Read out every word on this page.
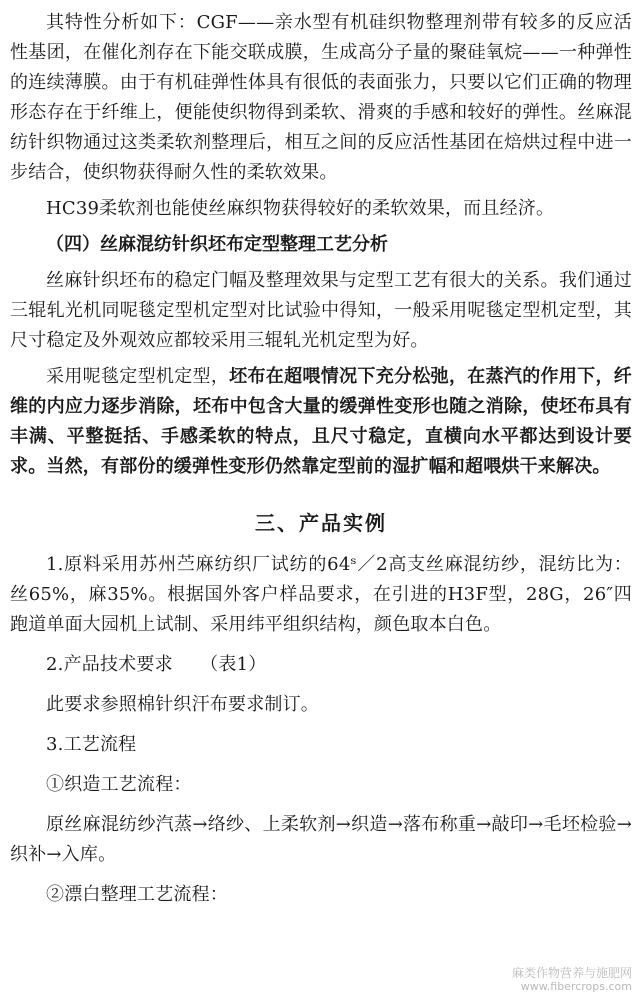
其特性分析如下：CGF——亲水型有机硅织物整理剂带有较多的反应活性基团，在催化剂存在下能交联成膜，生成高分子量的聚硅氧烷——一种弹性的连续薄膜。由于有机硅弹性体具有很低的表面张力，只要以它们正确的物理形态存在于纤维上，便能使织物得到柔软、滑爽的手感和较好的弹性。丝麻混纺针织物通过这类柔软剂整理后，相互之间的反应活性基团在焙烘过程中进一步结合，使织物获得耐久性的柔软效果。

HC39柔软剂也能使丝麻织物获得较好的柔软效果，而且经济。

（四）丝麻混纺针织坯布定型整理工艺分析

丝麻针织坯布的稳定门幅及整理效果与定型工艺有很大的关系。我们通过三辊轧光机同呢毯定型机定型对比试验中得知，一般采用呢毯定型机定型，其尺寸稳定及外观效应都较采用三辊轧光机定型为好。

采用呢毯定型机定型，坯布在超喂情况下充分松弛，在蒸汽的作用下，纤维的内应力逐步消除，坯布中包含大量的缓弹性变形也随之消除，使坯布具有丰满、平整挺括、手感柔软的特点，且尺寸稳定，直横向水平都达到设计要求。当然，有部份的缓弹性变形仍然靠定型前的湿扩幅和超喂烘干来解决。

三、产品实例

1.原料采用苏州苎麻纺织厂试纺的64ˢ／2高支丝麻混纺纱，混纺比为：丝65%，麻35%。根据国外客户样品要求，在引进的H3F型，28G，26″四跑道单面大园机上试制、采用纬平组织结构，颜色取本白色。

2.产品技术要求　　（表1）

此要求参照棉针织汗布要求制订。

3.工艺流程

①织造工艺流程：

原丝麻混纺纱汽蒸→络纱、上柔软剂→织造→落布称重→敲印→毛坯检验→织补→入库。

②漂白整理工艺流程：

麻类作物营养与施肥网
www.fibercrops.com
